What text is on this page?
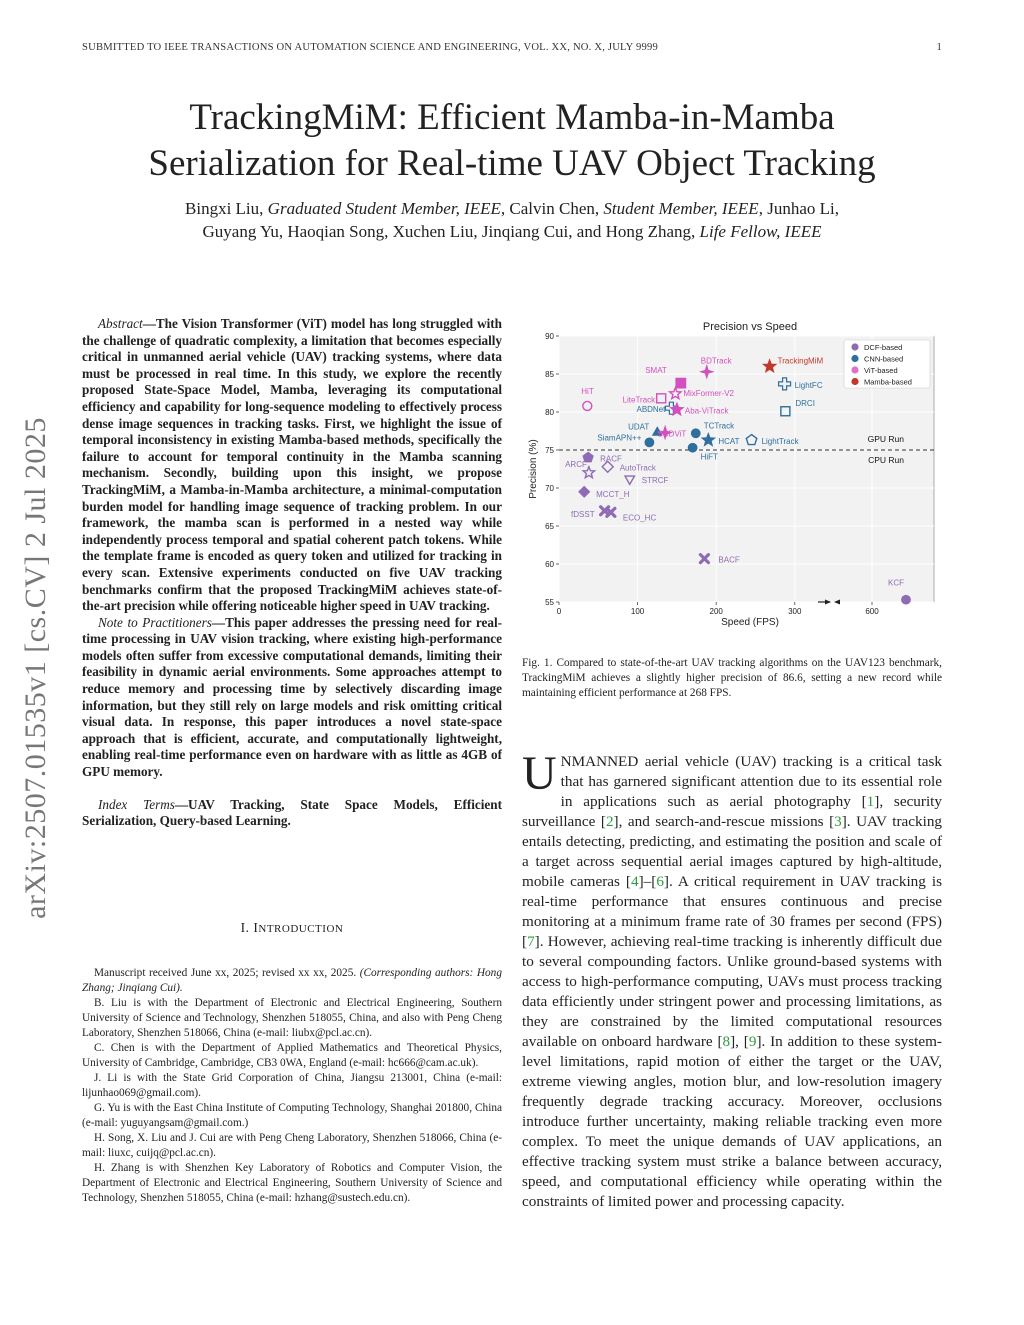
SUBMITTED TO IEEE TRANSACTIONS ON AUTOMATION SCIENCE AND ENGINEERING, VOL. XX, NO. X, JULY 9999	1
TrackingMiM: Efficient Mamba-in-Mamba
Serialization for Real-time UAV Object Tracking
Bingxi Liu, Graduated Student Member, IEEE, Calvin Chen, Student Member, IEEE, Junhao Li,
Guyang Yu, Haoqian Song, Xuchen Liu, Jinqiang Cui, and Hong Zhang, Life Fellow, IEEE
arXiv:2507.01535v1 [cs.CV] 2 Jul 2025

Abstract—The Vision Transformer (ViT) model has long struggled with the challenge of quadratic complexity, a limitation that becomes especially critical in unmanned aerial vehicle (UAV) tracking systems, where data must be processed in real time. In this study, we explore the recently proposed State-Space Model, Mamba, leveraging its computational efficiency and capability for long-sequence modeling to effectively process dense image sequences in tracking tasks. First, we highlight the issue of temporal inconsistency in existing Mamba-based methods, specifically the failure to account for temporal continuity in the Mamba scanning mechanism. Secondly, building upon this insight, we propose TrackingMiM, a Mamba-in-Mamba architecture, a minimal-computation burden model for handling image sequence of tracking problem. In our framework, the mamba scan is performed in a nested way while independently process temporal and spatial coherent patch tokens. While the template frame is encoded as query token and utilized for tracking in every scan. Extensive experiments conducted on five UAV tracking benchmarks confirm that the proposed TrackingMiM achieves state-of-the-art precision while offering noticeable higher speed in UAV tracking.

Note to Practitioners—This paper addresses the pressing need for real-time processing in UAV vision tracking, where existing high-performance models often suffer from excessive computational demands, limiting their feasibility in dynamic aerial environments. Some approaches attempt to reduce memory and processing time by selectively discarding image information, but they still rely on large models and risk omitting critical visual data. In response, this paper introduces a novel state-space approach that is efficient, accurate, and computationally lightweight, enabling real-time performance even on hardware with as little as 4GB of GPU memory.

Index Terms—UAV Tracking, State Space Models, Efficient Serialization, Query-based Learning.

I. INTRODUCTION

Manuscript received June xx, 2025; revised xx xx, 2025. (Corresponding authors: Hong Zhang; Jinqiang Cui).

B. Liu is with the Department of Electronic and Electrical Engineering, Southern University of Science and Technology, Shenzhen 518055, China, and also with Peng Cheng Laboratory, Shenzhen 518066, China (e-mail: liubx@pcl.ac.cn).

C. Chen is with the Department of Applied Mathematics and Theoretical Physics, University of Cambridge, Cambridge, CB3 0WA, England (e-mail: hc666@cam.ac.uk).

J. Li is with the State Grid Corporation of China, Jiangsu 213001, China (e-mail: lijunhao069@gmail.com).

G. Yu is with the East China Institute of Computing Technology, Shanghai 201800, China (e-mail: yuguyangsam@gmail.com.)

H. Song, X. Liu and J. Cui are with Peng Cheng Laboratory, Shenzhen 518066, China (e-mail: liuxc, cuijq@pcl.ac.cn).

H. Zhang is with Shenzhen Key Laboratory of Robotics and Computer Vision, the Department of Electronic and Electrical Engineering, Southern University of Science and Technology, Shenzhen 518055, China (e-mail: hzhang@sustech.edu.cn).

Precision vs Speed
55
60
65
70
75
80
85
90
0	100	200	300	600
GPU Run
CPU Run
TrackingMiM
BDTrack
SMAT
LightFC
HiT
LiteTrack
MixFormer-V2
ABDNet Aba-ViTrack
DRCI
UDAT	TCTrack
SiamAPN++ SGDViT
HCAT	LightTrack
HiFT
RACF
AutoTrack
ARCF
STRCF
MCCT_H
fDSST	ECO_HC
BACF
KCF
DCF-based
CNN-based
ViT-based
Mamba-based
Speed (FPS)
Precision (%)
Fig. 1. Compared to state-of-the-art UAV tracking algorithms on the UAV123 benchmark, TrackingMiM achieves a slightly higher precision of 86.6, setting a new record while maintaining efficient performance at 268 FPS.
UNMANNED aerial vehicle (UAV) tracking is a critical task that has garnered significant attention due to its essential role in applications such as aerial photography [1], security surveillance [2], and search-and-rescue missions [3]. UAV tracking entails detecting, predicting, and estimating the position and scale of a target across sequential aerial images captured by high-altitude, mobile cameras [4]–[6]. A critical requirement in UAV tracking is real-time performance that ensures continuous and precise monitoring at a minimum frame rate of 30 frames per second (FPS) [7]. However, achieving real-time tracking is inherently difficult due to several compounding factors. Unlike ground-based systems with access to high-performance computing, UAVs must process tracking data efficiently under stringent power and processing limitations, as they are constrained by the limited computational resources available on onboard hardware [8], [9]. In addition to these system-level limitations, rapid motion of either the target or the UAV, extreme viewing angles, motion blur, and low-resolution imagery frequently degrade tracking accuracy. Moreover, occlusions introduce further uncertainty, making reliable tracking even more complex. To meet the unique demands of UAV applications, an effective tracking system must strike a balance between accuracy, speed, and computational efficiency while operating within the constraints of limited power and processing capacity.
